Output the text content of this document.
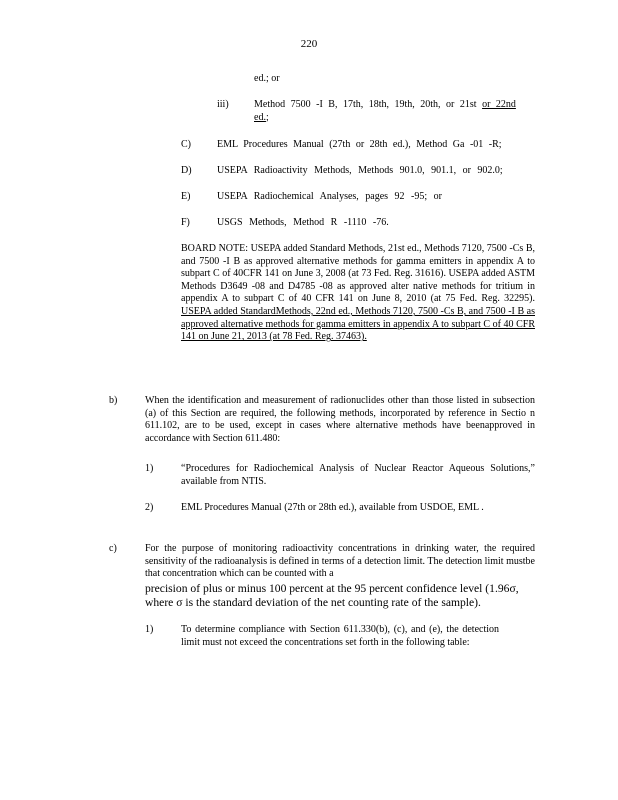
220
ed.; or
iii)	Method 7500 -I B, 17th, 18th, 19th, 20th, or 21st or 22nd
ed.;
C)	EML Procedures Manual (27th or 28th ed.), Method Ga -01 -R;
D)	USEPA Radioactivity Methods, Methods 901.0, 901.1, or 902.0;
E)	USEPA Radiochemical Analyses, pages 92 -95; or
F)	USGS Methods, Method R -1110 -76.
BOARD NOTE: USEPA added Standard Methods, 21st ed., Methods 7120, 7500 -Cs B, and 7500 -I B as approved alternative methods for gamma emitters in appendix A to subpart C of 40CFR 141 on June 3, 2008 (at 73 Fed. Reg. 31616). USEPA added ASTM Methods D3649 -08 and D4785 -08 as approved alter native methods for tritium in appendix A to subpart C of 40 CFR 141 on June 8, 2010 (at 75 Fed. Reg. 32295). USEPA added StandardMethods, 22nd ed., Methods 7120, 7500 -Cs B, and 7500 -I B as approved alternative methods for gamma emitters in appendix A to subpart C of 40 CFR 141 on June 21, 2013 (at 78 Fed. Reg. 37463).
b)	When the identification and measurement of radionuclides other than those listed in subsection (a) of this Section are required, the following methods, incorporated by reference in Sectio n 611.102, are to be used, except in cases where alternative methods have beenapproved in accordance with Section 611.480:
1)	“Procedures for Radiochemical Analysis of Nuclear Reactor Aqueous Solutions,” available from NTIS.
2)	EML Procedures Manual (27th or 28th ed.), available from USDOE, EML .
c)	For the purpose of monitoring radioactivity concentrations in drinking water, the required sensitivity of the radioanalysis is defined in terms of a detection limit. The detection limit mustbe that concentration which can be counted with a
precision of plus or minus 100 percent at the 95 percent confidence level (1.96σ, where σ is the standard deviation of the net counting rate of the sample).
1)	To determine compliance with Section 611.330(b), (c), and (e), the detection limit must not exceed the concentrations set forth in the following table:
